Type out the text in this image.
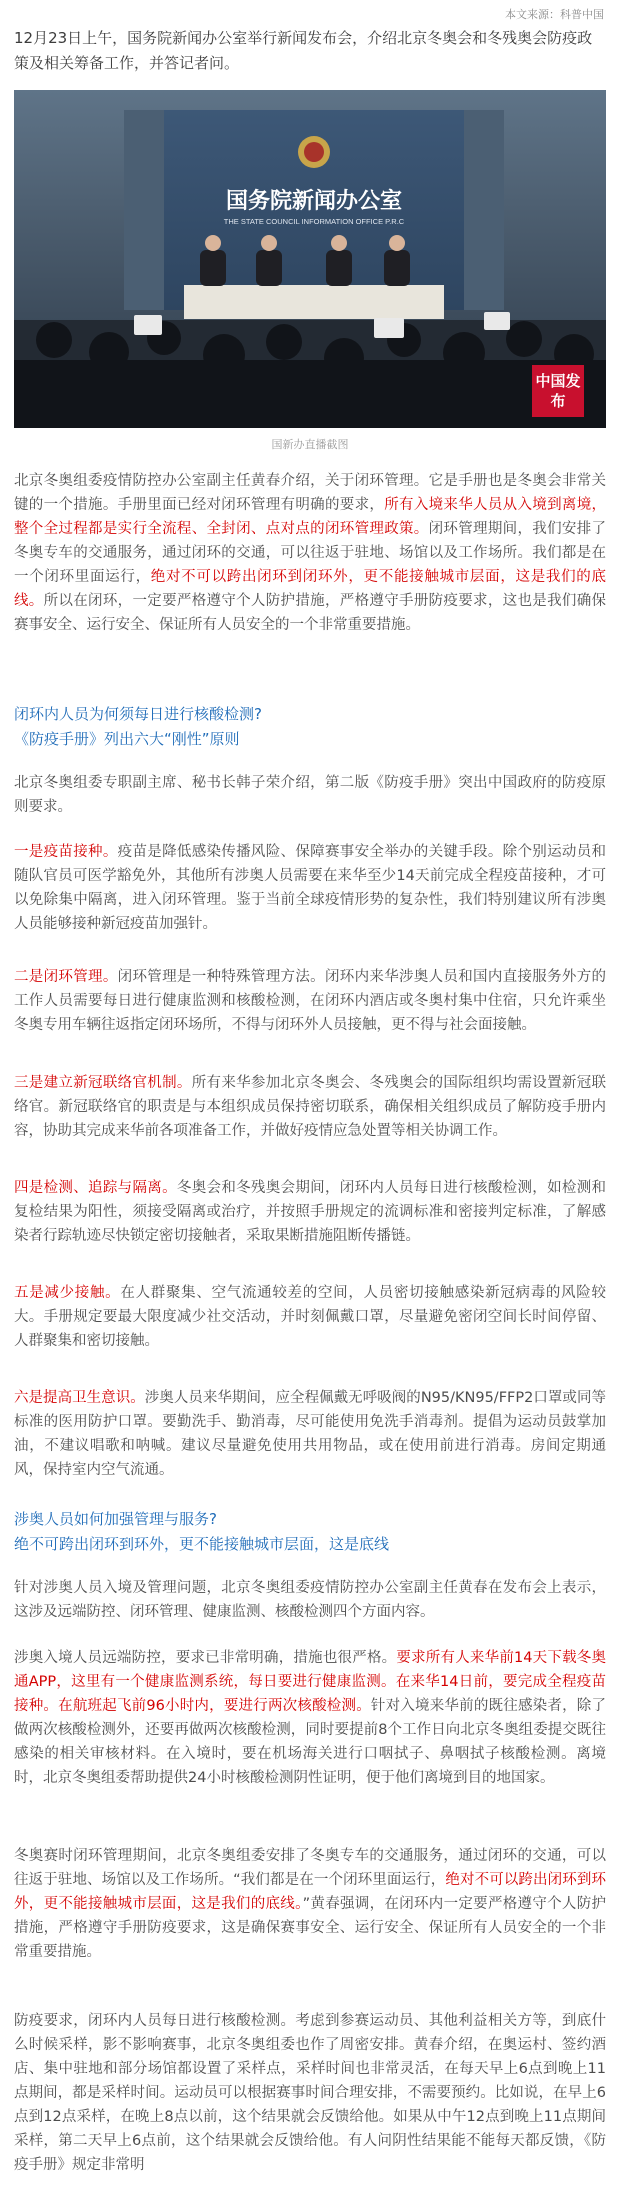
本文来源：科普中国

12月23日上午，国务院新闻办公室举行新闻发布会，介绍北京冬奥会和冬残奥会防疫政策及相关筹备工作，并答记者问。

国务院新闻办公室
THE STATE COUNCIL INFORMATION OFFICE P.R.C
中国发布
国新办直播截图

北京冬奥组委疫情防控办公室副主任黄春介绍，关于闭环管理。它是手册也是冬奥会非常关键的一个措施。手册里面已经对闭环管理有明确的要求，所有入境来华人员从入境到离境，整个全过程都是实行全流程、全封闭、点对点的闭环管理政策。闭环管理期间，我们安排了冬奥专车的交通服务，通过闭环的交通，可以往返于驻地、场馆以及工作场所。我们都是在一个闭环里面运行，绝对不可以跨出闭环到闭环外，更不能接触城市层面，这是我们的底线。所以在闭环，一定要严格遵守个人防护措施，严格遵守手册防疫要求，这也是我们确保赛事安全、运行安全、保证所有人员安全的一个非常重要措施。

闭环内人员为何须每日进行核酸检测?
《防疫手册》列出六大“刚性”原则

北京冬奥组委专职副主席、秘书长韩子荣介绍，第二版《防疫手册》突出中国政府的防疫原则要求。

一是疫苗接种。疫苗是降低感染传播风险、保障赛事安全举办的关键手段。除个别运动员和随队官员可医学豁免外，其他所有涉奥人员需要在来华至少14天前完成全程疫苗接种，才可以免除集中隔离，进入闭环管理。鉴于当前全球疫情形势的复杂性，我们特别建议所有涉奥人员能够接种新冠疫苗加强针。

二是闭环管理。闭环管理是一种特殊管理方法。闭环内来华涉奥人员和国内直接服务外方的工作人员需要每日进行健康监测和核酸检测，在闭环内酒店或冬奥村集中住宿，只允许乘坐冬奥专用车辆往返指定闭环场所，不得与闭环外人员接触，更不得与社会面接触。

三是建立新冠联络官机制。所有来华参加北京冬奥会、冬残奥会的国际组织均需设置新冠联络官。新冠联络官的职责是与本组织成员保持密切联系，确保相关组织成员了解防疫手册内容，协助其完成来华前各项准备工作，并做好疫情应急处置等相关协调工作。

四是检测、追踪与隔离。冬奥会和冬残奥会期间，闭环内人员每日进行核酸检测，如检测和复检结果为阳性，须接受隔离或治疗，并按照手册规定的流调标准和密接判定标准，了解感染者行踪轨迹尽快锁定密切接触者，采取果断措施阻断传播链。

五是减少接触。在人群聚集、空气流通较差的空间，人员密切接触感染新冠病毒的风险较大。手册规定要最大限度减少社交活动，并时刻佩戴口罩，尽量避免密闭空间长时间停留、人群聚集和密切接触。

六是提高卫生意识。涉奥人员来华期间，应全程佩戴无呼吸阀的N95/KN95/FFP2口罩或同等标准的医用防护口罩。要勤洗手、勤消毒，尽可能使用免洗手消毒剂。提倡为运动员鼓掌加油，不建议唱歌和呐喊。建议尽量避免使用共用物品，或在使用前进行消毒。房间定期通风，保持室内空气流通。

涉奥人员如何加强管理与服务?
绝不可跨出闭环到环外，更不能接触城市层面，这是底线

针对涉奥人员入境及管理问题，北京冬奥组委疫情防控办公室副主任黄春在发布会上表示，这涉及远端防控、闭环管理、健康监测、核酸检测四个方面内容。

涉奥入境人员远端防控，要求已非常明确，措施也很严格。要求所有人来华前14天下载冬奥通APP，这里有一个健康监测系统，每日要进行健康监测。在来华14日前，要完成全程疫苗接种。在航班起飞前96小时内，要进行两次核酸检测。针对入境来华前的既往感染者，除了做两次核酸检测外，还要再做两次核酸检测，同时要提前8个工作日向北京冬奥组委提交既往感染的相关审核材料。在入境时，要在机场海关进行口咽拭子、鼻咽拭子核酸检测。离境时，北京冬奥组委帮助提供24小时核酸检测阴性证明，便于他们离境到目的地国家。

冬奥赛时闭环管理期间，北京冬奥组委安排了冬奥专车的交通服务，通过闭环的交通，可以往返于驻地、场馆以及工作场所。“我们都是在一个闭环里面运行，绝对不可以跨出闭环到环外，更不能接触城市层面，这是我们的底线。”黄春强调，在闭环内一定要严格遵守个人防护措施，严格遵守手册防疫要求，这是确保赛事安全、运行安全、保证所有人员安全的一个非常重要措施。

防疫要求，闭环内人员每日进行核酸检测。考虑到参赛运动员、其他利益相关方等，到底什么时候采样，影不影响赛事，北京冬奥组委也作了周密安排。黄春介绍，在奥运村、签约酒店、集中驻地和部分场馆都设置了采样点，采样时间也非常灵活，在每天早上6点到晚上11点期间，都是采样时间。运动员可以根据赛事时间合理安排，不需要预约。比如说，在早上6点到12点采样，在晚上8点以前，这个结果就会反馈给他。如果从中午12点到晚上11点期间采样，第二天早上6点前，这个结果就会反馈给他。有人问阴性结果能不能每天都反馈，《防疫手册》规定非常明
